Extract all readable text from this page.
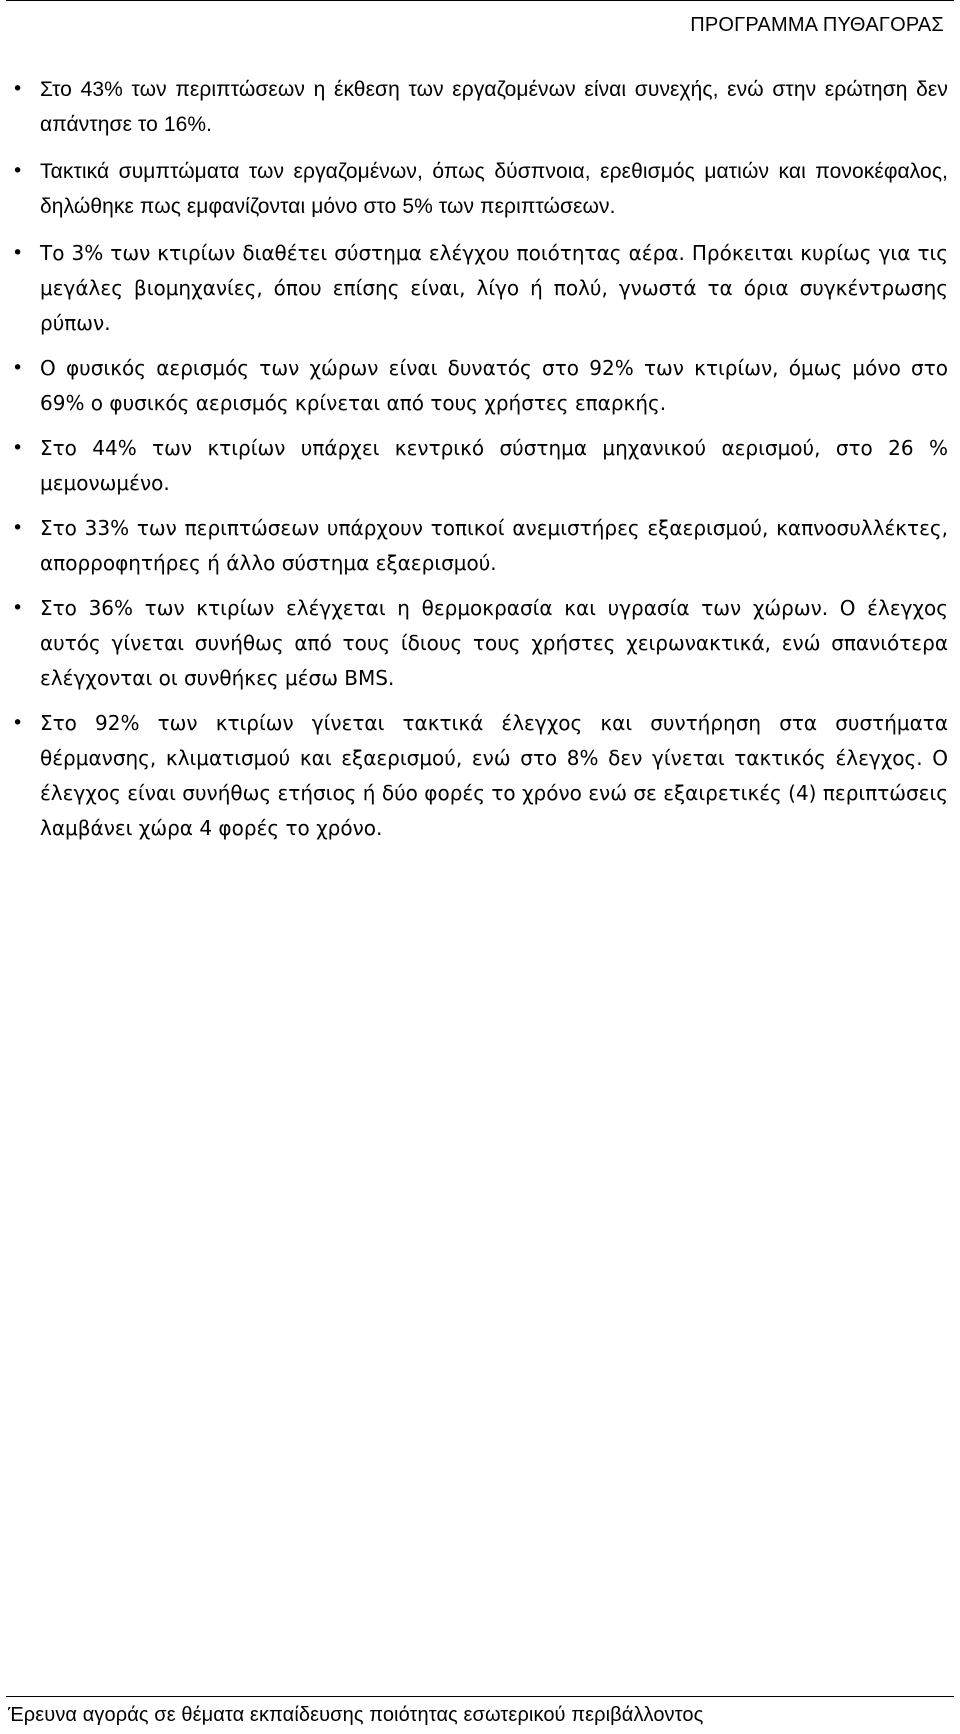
ΠΡΟΓΡΑΜΜΑ ΠΥΘΑΓΟΡΑΣ
• Στο 43% των περιπτώσεων η έκθεση των εργαζομένων είναι συνεχής, ενώ στην ερώτηση δεν απάντησε το 16%.
• Τακτικά συμπτώματα των εργαζομένων, όπως δύσπνοια, ερεθισμός ματιών και πονοκέφαλος, δηλώθηκε πως εμφανίζονται μόνο στο 5% των περιπτώσεων.
• Το 3% των κτιρίων διαθέτει σύστημα ελέγχου ποιότητας αέρα. Πρόκειται κυρίως για τις μεγάλες βιομηχανίες, όπου επίσης είναι, λίγο ή πολύ, γνωστά τα όρια συγκέντρωσης ρύπων.
• Ο φυσικός αερισμός των χώρων είναι δυνατός στο 92% των κτιρίων, όμως μόνο στο 69% ο φυσικός αερισμός κρίνεται από τους χρήστες επαρκής.
• Στο 44% των κτιρίων υπάρχει κεντρικό σύστημα μηχανικού αερισμού, στο 26 % μεμονωμένο.
• Στο 33% των περιπτώσεων υπάρχουν τοπικοί ανεμιστήρες εξαερισμού, καπνοσυλλέκτες, απορροφητήρες ή άλλο σύστημα εξαερισμού.
• Στο 36% των κτιρίων ελέγχεται η θερμοκρασία και υγρασία των χώρων. Ο έλεγχος αυτός γίνεται συνήθως από τους ίδιους τους χρήστες χειρωνακτικά, ενώ σπανιότερα ελέγχονται οι συνθήκες μέσω BMS.
• Στο 92% των κτιρίων γίνεται τακτικά έλεγχος και συντήρηση στα συστήματα θέρμανσης, κλιματισμού και εξαερισμού, ενώ στο 8% δεν γίνεται τακτικός έλεγχος. Ο έλεγχος είναι συνήθως ετήσιος ή δύο φορές το χρόνο ενώ σε εξαιρετικές (4) περιπτώσεις λαμβάνει χώρα 4 φορές το χρόνο.
Έρευνα αγοράς σε θέματα εκπαίδευσης ποιότητας εσωτερικού περιβάλλοντος
